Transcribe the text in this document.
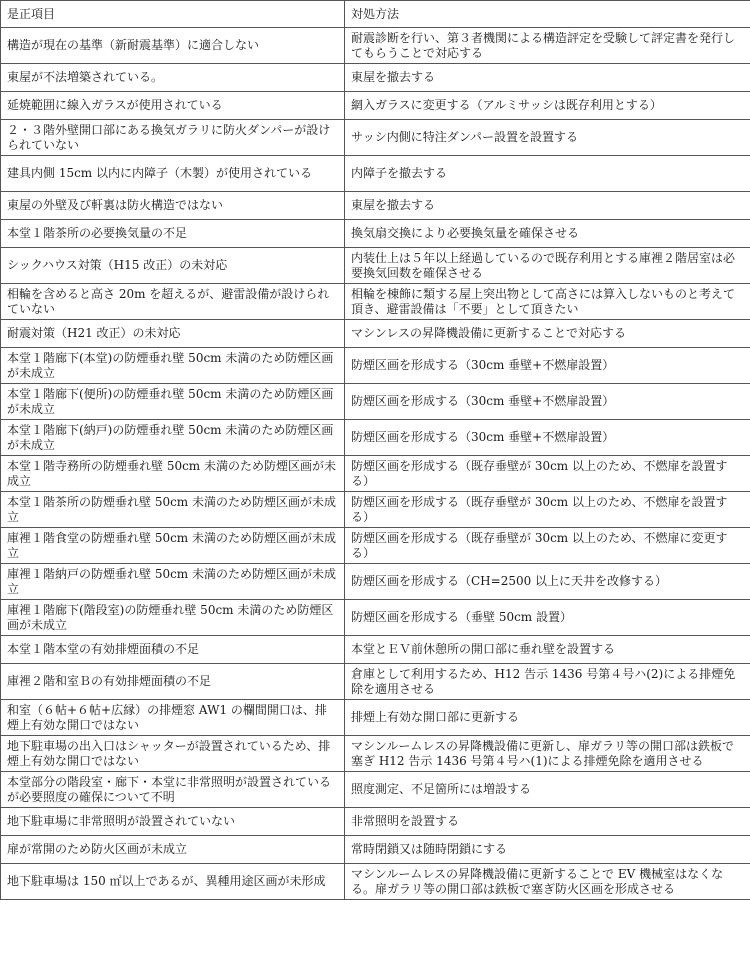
是正項目	対処方法
構造が現在の基準（新耐震基準）に適合しない	耐震診断を行い、第３者機関による構造評定を受験して評定書を発行してもらうことで対応する
東屋が不法増築されている。	東屋を撤去する
延焼範囲に線入ガラスが使用されている	網入ガラスに変更する（アルミサッシは既存利用とする）
２・３階外壁開口部にある換気ガラリに防火ダンパーが設けられていない	サッシ内側に特注ダンパー設置を設置する
建具内側 15cm 以内に内障子（木製）が使用されている	内障子を撤去する
東屋の外壁及び軒裏は防火構造ではない	東屋を撤去する
本堂１階茶所の必要換気量の不足	換気扇交換により必要換気量を確保させる
シックハウス対策（H15 改正）の未対応	内装仕上は５年以上経過しているので既存利用とする庫裡２階居室は必要換気回数を確保させる
相輪を含めると高さ 20m を超えるが、避雷設備が設けられていない	相輪を棟飾に類する屋上突出物として高さには算入しないものと考えて頂き、避雷設備は「不要」として頂きたい
耐震対策（H21 改正）の未対応	マシンレスの昇降機設備に更新することで対応する
本堂１階廊下(本堂)の防煙垂れ壁 50cm 未満のため防煙区画が未成立	防煙区画を形成する（30cm 垂壁+不燃扉設置）
本堂１階廊下(便所)の防煙垂れ壁 50cm 未満のため防煙区画が未成立	防煙区画を形成する（30cm 垂壁+不燃扉設置）
本堂１階廊下(納戸)の防煙垂れ壁 50cm 未満のため防煙区画が未成立	防煙区画を形成する（30cm 垂壁+不燃扉設置）
本堂１階寺務所の防煙垂れ壁 50cm 未満のため防煙区画が未成立	防煙区画を形成する（既存垂壁が 30cm 以上のため、不燃扉を設置する）
本堂１階茶所の防煙垂れ壁 50cm 未満のため防煙区画が未成立	防煙区画を形成する（既存垂壁が 30cm 以上のため、不燃扉を設置する）
庫裡１階食堂の防煙垂れ壁 50cm 未満のため防煙区画が未成立	防煙区画を形成する（既存垂壁が 30cm 以上のため、不燃扉に変更する）
庫裡１階納戸の防煙垂れ壁 50cm 未満のため防煙区画が未成立	防煙区画を形成する（CH=2500 以上に天井を改修する）
庫裡１階廊下(階段室)の防煙垂れ壁 50cm 未満のため防煙区画が未成立	防煙区画を形成する（垂壁 50cm 設置）
本堂１階本堂の有効排煙面積の不足	本堂とＥＶ前休憩所の開口部に垂れ壁を設置する
庫裡２階和室Ｂの有効排煙面積の不足	倉庫として利用するため、H12 告示 1436 号第４号ハ(2)による排煙免除を適用させる
和室（６帖+６帖+広縁）の排煙窓 AW1 の欄間開口は、排煙上有効な開口ではない	排煙上有効な開口部に更新する
地下駐車場の出入口はシャッターが設置されているため、排煙上有効な開口ではない	マシンルームレスの昇降機設備に更新し、扉ガラリ等の開口部は鉄板で塞ぎ H12 告示 1436 号第４号ハ(1)による排煙免除を適用させる
本堂部分の階段室・廊下・本堂に非常照明が設置されているが必要照度の確保について不明	照度測定、不足箇所には増設する
地下駐車場に非常照明が設置されていない	非常照明を設置する
扉が常開のため防火区画が未成立	常時閉鎖又は随時閉鎖にする
地下駐車場は 150 ㎡以上であるが、異種用途区画が未形成	マシンルームレスの昇降機設備に更新することで EV 機械室はなくなる。扉ガラリ等の開口部は鉄板で塞ぎ防火区画を形成させる
